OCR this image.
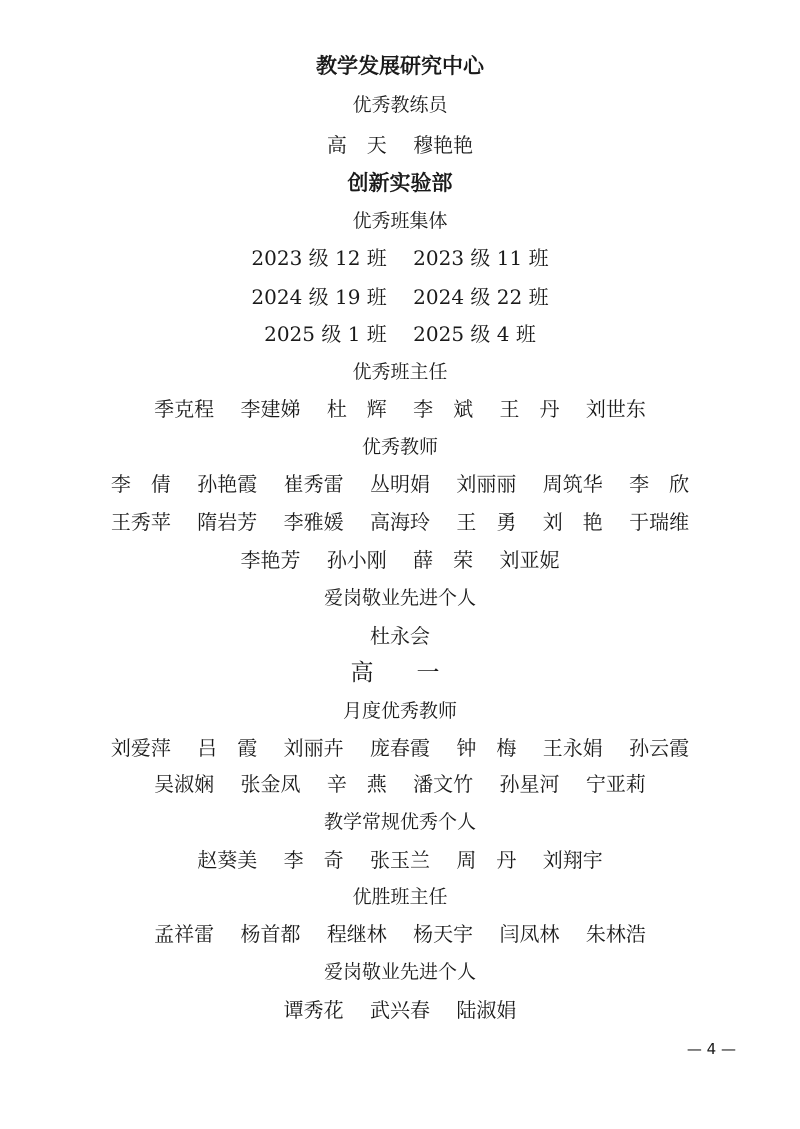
教学发展研究中心
优秀教练员
高　天 穆艳艳
创新实验部
优秀班集体
2023 级 12 班 2023 级 11 班
2024 级 19 班 2024 级 22 班
2025 级 1 班 2025 级 4 班
优秀班主任
季克程 李建娣 杜　辉 李　斌 王　丹 刘世东
优秀教师
李　倩 孙艳霞 崔秀雷 丛明娟 刘丽丽 周筑华 李　欣
王秀苹 隋岩芳 李雅媛 高海玲 王　勇 刘　艳 于瑞维
李艳芳 孙小刚 薛　荣 刘亚妮
爱岗敬业先进个人
杜永会
高　一
月度优秀教师
刘爱萍 吕　霞 刘丽卉 庞春霞 钟　梅 王永娟 孙云霞
吴淑娴 张金凤 辛　燕 潘文竹 孙星河 宁亚莉
教学常规优秀个人
赵葵美 李　奇 张玉兰 周　丹 刘翔宇
优胜班主任
孟祥雷 杨首都 程继林 杨天宇 闫凤林 朱林浩
爱岗敬业先进个人
谭秀花 武兴春 陆淑娟
— 4 —
